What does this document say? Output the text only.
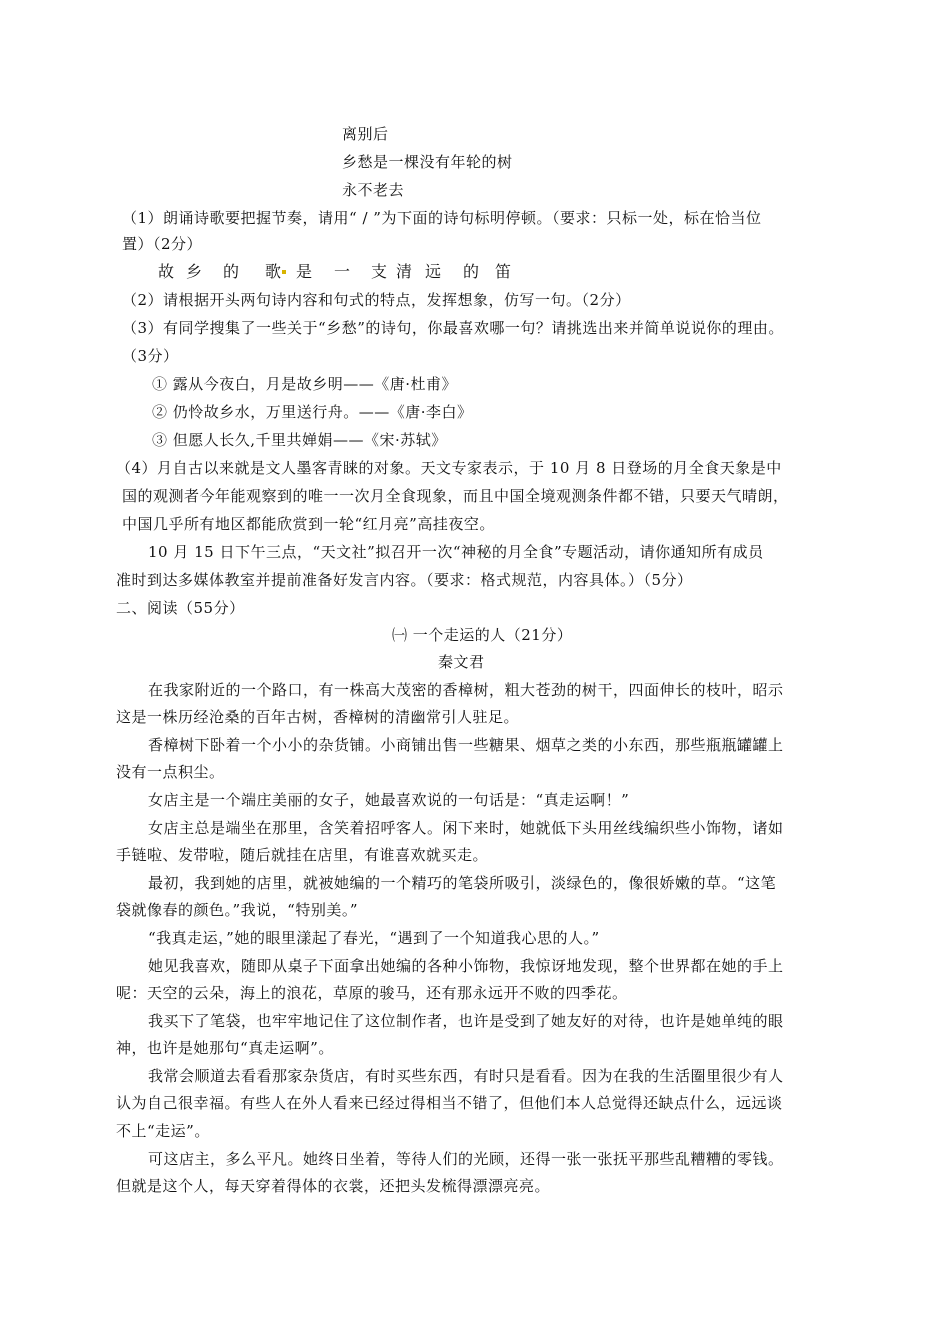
离别后
乡愁是一棵没有年轮的树
永不老去
（1）朗诵诗歌要把握节奏，请用“ / ”为下面的诗句标明停顿。（要求：只标一处，标在恰当位
置）（2分）
故 乡 的 歌 是 一 支 清 远 的 笛
（2）请根据开头两句诗内容和句式的特点，发挥想象，仿写一句。（2分）
（3）有同学搜集了一些关于“乡愁”的诗句，你最喜欢哪一句？请挑选出来并简单说说你的理由。
（3分）
① 露从今夜白，月是故乡明——《唐·杜甫》
② 仍怜故乡水，万里送行舟。——《唐·李白》
③ 但愿人长久,千里共婵娟——《宋·苏轼》
（4）月自古以来就是文人墨客青睐的对象。天文专家表示，于 10 月 8 日登场的月全食天象是中
国的观测者今年能观察到的唯一一次月全食现象，而且中国全境观测条件都不错，只要天气晴朗，
中国几乎所有地区都能欣赏到一轮“红月亮”高挂夜空。
10 月 15 日下午三点，“天文社”拟召开一次“神秘的月全食”专题活动，请你通知所有成员
准时到达多媒体教室并提前准备好发言内容。（要求：格式规范，内容具体。）（5分）
二、阅读（55分）
㈠ 一个走运的人（21分）
秦文君
在我家附近的一个路口，有一株高大茂密的香樟树，粗大苍劲的树干，四面伸长的枝叶，昭示
这是一株历经沧桑的百年古树，香樟树的清幽常引人驻足。
香樟树下卧着一个小小的杂货铺。小商铺出售一些糖果、烟草之类的小东西，那些瓶瓶罐罐上
没有一点积尘。
女店主是一个端庄美丽的女子，她最喜欢说的一句话是：“真走运啊！”
女店主总是端坐在那里，含笑着招呼客人。闲下来时，她就低下头用丝线编织些小饰物，诸如
手链啦、发带啦，随后就挂在店里，有谁喜欢就买走。
最初，我到她的店里，就被她编的一个精巧的笔袋所吸引，淡绿色的，像很娇嫩的草。“这笔
袋就像春的颜色。”我说，“特别美。”
“我真走运，”她的眼里漾起了春光，“遇到了一个知道我心思的人。”
她见我喜欢，随即从桌子下面拿出她编的各种小饰物，我惊讶地发现，整个世界都在她的手上
呢：天空的云朵，海上的浪花，草原的骏马，还有那永远开不败的四季花。
我买下了笔袋，也牢牢地记住了这位制作者，也许是受到了她友好的对待，也许是她单纯的眼
神，也许是她那句“真走运啊”。
我常会顺道去看看那家杂货店，有时买些东西，有时只是看看。因为在我的生活圈里很少有人
认为自己很幸福。有些人在外人看来已经过得相当不错了，但他们本人总觉得还缺点什么，远远谈
不上“走运”。
可这店主，多么平凡。她终日坐着，等待人们的光顾，还得一张一张抚平那些乱糟糟的零钱。
但就是这个人，每天穿着得体的衣裳，还把头发梳得漂漂亮亮。
